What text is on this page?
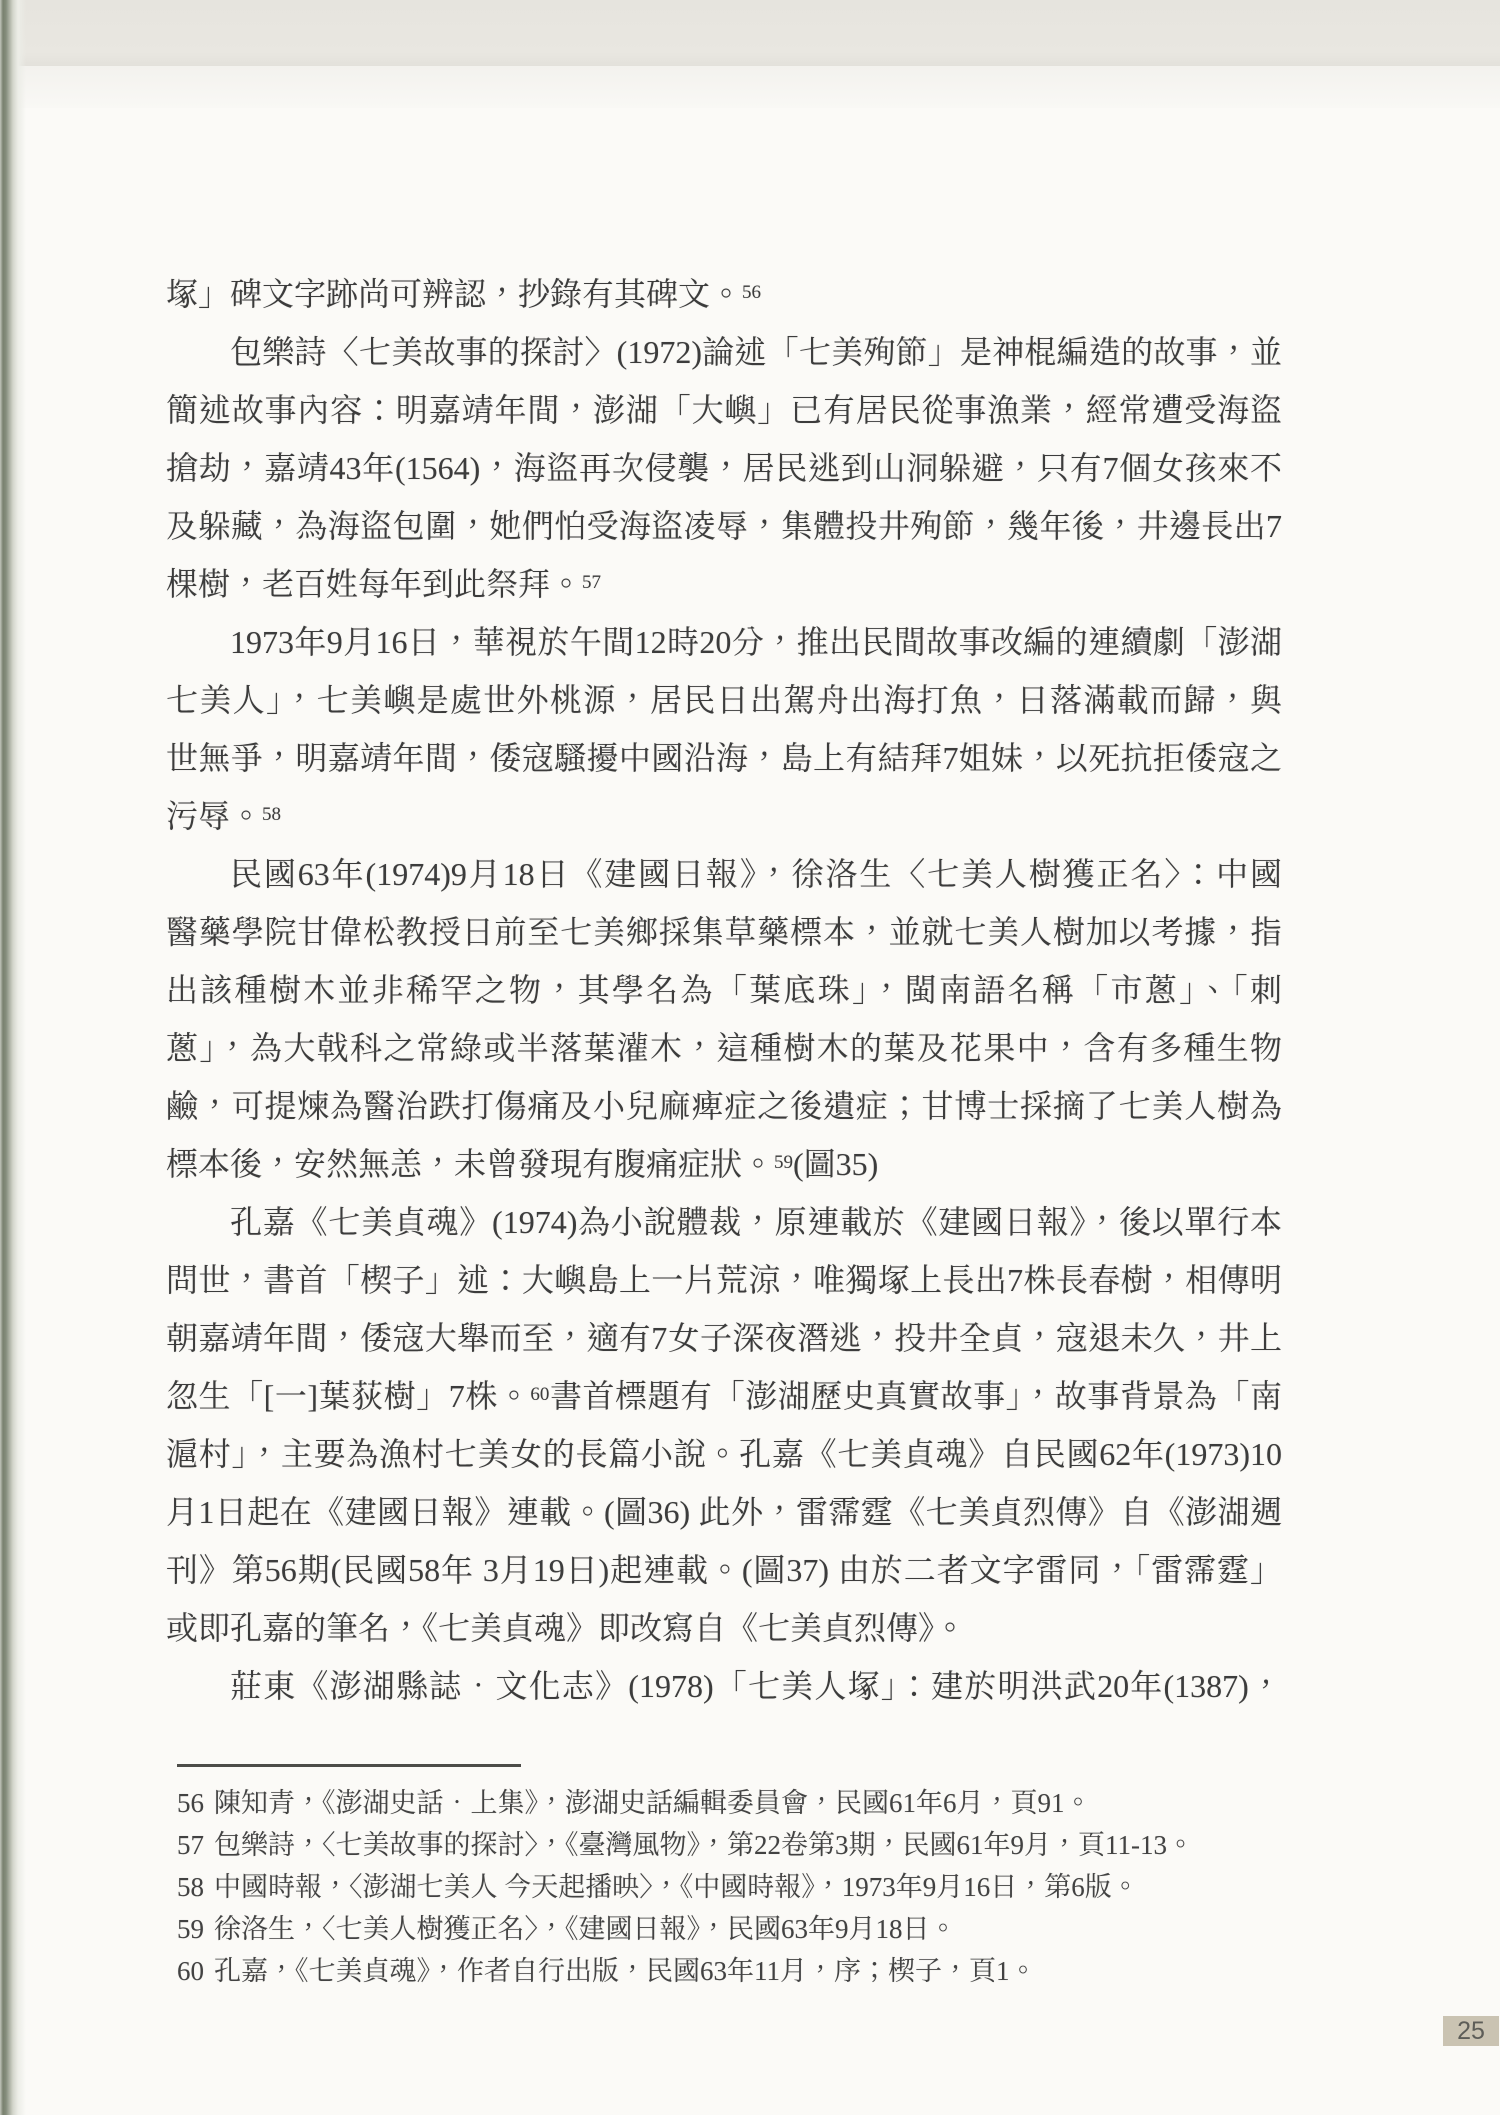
塚」碑文字跡尚可辨認，抄錄有其碑文。$^{56}$
包樂詩〈七美故事的探討〉(1972)論述「七美殉節」是神棍編造的故事，並
簡述故事內容：明嘉靖年間，澎湖「大嶼」已有居民從事漁業，經常遭受海盜
搶劫，嘉靖43年(1564)，海盜再次侵襲，居民逃到山洞躲避，只有7個女孩來不
及躲藏，為海盜包圍，她們怕受海盜凌辱，集體投井殉節，幾年後，井邊長出7
棵樹，老百姓每年到此祭拜。$^{57}$
1973年9月16日，華視於午間12時20分，推出民間故事改編的連續劇「澎湖
七美人」，七美嶼是處世外桃源，居民日出駕舟出海打魚，日落滿載而歸，與
世無爭，明嘉靖年間，倭寇騷擾中國沿海，島上有結拜7姐妹，以死抗拒倭寇之
污辱。$^{58}$
民國63年(1974)9月18日《建國日報》，徐洛生〈七美人樹獲正名〉：中國
醫藥學院甘偉松教授日前至七美鄉採集草藥標本，並就七美人樹加以考據，指
出該種樹木並非稀罕之物，其學名為「葉底珠」，閩南語名稱「市蔥」、「刺
蔥」，為大戟科之常綠或半落葉灌木，這種樹木的葉及花果中，含有多種生物
鹼，可提煉為醫治跌打傷痛及小兒麻痺症之後遺症；甘博士採摘了七美人樹為
標本後，安然無恙，未曾發現有腹痛症狀。$^{59}$(圖35)
孔嘉《七美貞魂》(1974)為小說體裁，原連載於《建國日報》，後以單行本
問世，書首「楔子」述：大嶼島上一片荒涼，唯獨塚上長出7株長春樹，相傳明
朝嘉靖年間，倭寇大舉而至，適有7女子深夜潛逃，投井全貞，寇退未久，井上
忽生「[一]葉荻樹」7株。$^{60}$書首標題有「澎湖歷史真實故事」，故事背景為「南
滬村」，主要為漁村七美女的長篇小說。孔嘉《七美貞魂》自民國62年(1973)10
月1日起在《建國日報》連載。(圖36) 此外，雷霈霆《七美貞烈傳》自《澎湖週
刊》第56期(民國58年 3月19日)起連載。(圖37) 由於二者文字雷同，「雷霈霆」
或即孔嘉的筆名，《七美貞魂》即改寫自《七美貞烈傳》。
莊東《澎湖縣誌．文化志》(1978)「七美人塚」：建於明洪武20年(1387)，
56 陳知青，《澎湖史話．上集》，澎湖史話編輯委員會，民國61年6月，頁91。
57 包樂詩，〈七美故事的探討〉，《臺灣風物》，第22卷第3期，民國61年9月，頁11-13。
58 中國時報，〈澎湖七美人 今天起播映〉，《中國時報》，1973年9月16日，第6版。
59 徐洛生，〈七美人樹獲正名〉，《建國日報》，民國63年9月18日。
60 孔嘉，《七美貞魂》，作者自行出版，民國63年11月，序；楔子，頁1。
25
